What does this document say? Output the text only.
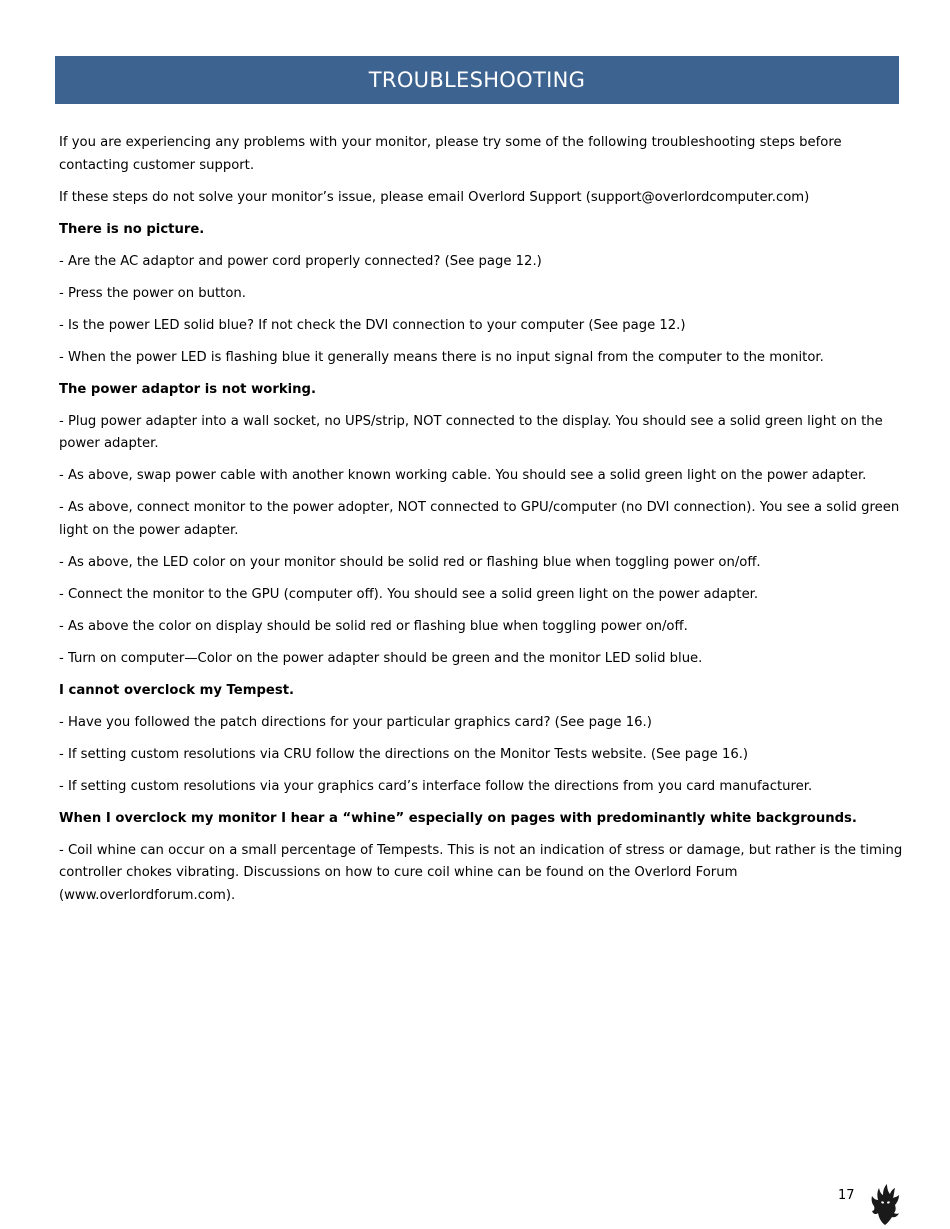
TROUBLESHOOTING

If you are experiencing any problems with your monitor, please try some of the following troubleshooting steps before contacting customer support.

If these steps do not solve your monitor’s issue, please email Overlord Support (support@overlordcomputer.com)

There is no picture.

- Are the AC adaptor and power cord properly connected? (See page 12.)

- Press the power on button.

- Is the power LED solid blue? If not check the DVI connection to your computer (See page 12.)

- When the power LED is flashing blue it generally means there is no input signal from the computer to the monitor.

The power adaptor is not working.

- Plug power adapter into a wall socket, no UPS/strip, NOT connected to the display. You should see a solid green light on the power adapter.

- As above, swap power cable with another known working cable. You should see a solid green light on the power adapter.

- As above, connect monitor to the power adopter, NOT connected to GPU/computer (no DVI connection). You see a solid green light on the power adapter.

- As above, the LED color on your monitor should be solid red or flashing blue when toggling power on/off.

- Connect the monitor to the GPU (computer off). You should see a solid green light on the power adapter.

- As above the color on display should be solid red or flashing blue when toggling power on/off.

- Turn on computer—Color on the power adapter should be green and the monitor LED solid blue.

I cannot overclock my Tempest.

- Have you followed the patch directions for your particular graphics card? (See page 16.)

- If setting custom resolutions via CRU follow the directions on the Monitor Tests website. (See page 16.)

- If setting custom resolutions via your graphics card’s interface follow the directions from you card manufacturer.

When I overclock my monitor I hear a “whine” especially on pages with predominantly white backgrounds.

- Coil whine can occur on a small percentage of Tempests. This is not an indication of stress or damage, but rather is the timing controller chokes vibrating. Discussions on how to cure coil whine can be found on the Overlord Forum (www.overlordforum.com).

17
